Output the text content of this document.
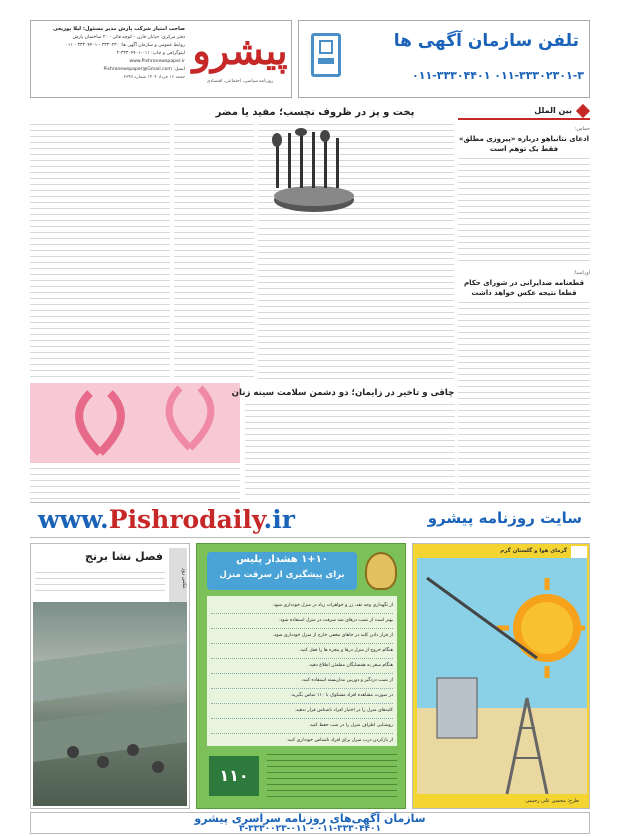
صاحب امتیاز شرکت پارش مدیر مسئول: لیلا پوریعی
دفتر مرکزی: خیابان قارن - کوچه قائن - ۲۰ ساختمان پارش
روابط عمومی و سازمان آگهی ها: ۳۳۳۰۲۳۰ - ۳۳۳۰۴۴۰۱ - ۰۱۱
لیتوگرافی و چاپ: ۰۱۱-۳۳۳۰۴۴۰۱-۲
www.Pishronewspaper.ir
ایمیل: Pishronewspaper@Gmail.com
جمعه ۱۶ خرداد ۱۴۰۴ شماره ۲۳۴۷
پیشرو
روزنامه سیاسی، اجتماعی، اقتصادی
تلفن سازمان آگهی ها
۰۱۱-۳۳۳۰۲۳۰۱-۳ ۰۱۱-۳۳۳۰۴۴۰۱
بین الملل
حماس:
ادعای نتانیاهو درباره «پیروزی مطلق» فقط یک توهم است
اوراسیا:
قطعنامه ضدایرانی در شورای حکام قطعا نتیجه عکس خواهد داشت
پخت و پز در ظروف نچسب؛ مفید یا مضر
چاقی و تاخیر در زایمان؛ دو دشمن سلامت سینه زنان
www.Pishrodaily.ir	سایت روزنامه پیشرو
فصل نشا برنج
عکس روز
۱+۱۰ هشدار پلیس
برای پیشگیری از سرقت منزل
از نگهداری وجه نقد، زر و جواهرات زیاد در منزل خودداری شود.
بهتر است از نصب درهای ضد سرقت در منزل استفاده شود.
از قرار دادن کلید در جاهای مخفی خارج از منزل خودداری شود.
هنگام خروج از منزل درها و پنجره ها را قفل کنید.
هنگام سفر به همسایگان مطمئن اطلاع دهید.
از نصب دزدگیر و دوربین مداربسته استفاده کنید.
در صورت مشاهده افراد مشکوک با ۱۱۰ تماس بگیرید.
کلیدهای منزل را در اختیار افراد ناشناس قرار ندهید.
روشنایی اطراف منزل را در شب حفظ کنید.
از بازکردن درب منزل برای افراد ناشناس خودداری کنید.
۱۱۰
گرمای هوا و گلستان گرم
طرح: محسن علی رحیمی
سازمان آگهی‌های روزنامه سراسری پیشرو
۰۱۱-۳۳۳۰۴۴۰۱ - ۳-۳۳۳۰۰۲۳-۰۱۱
